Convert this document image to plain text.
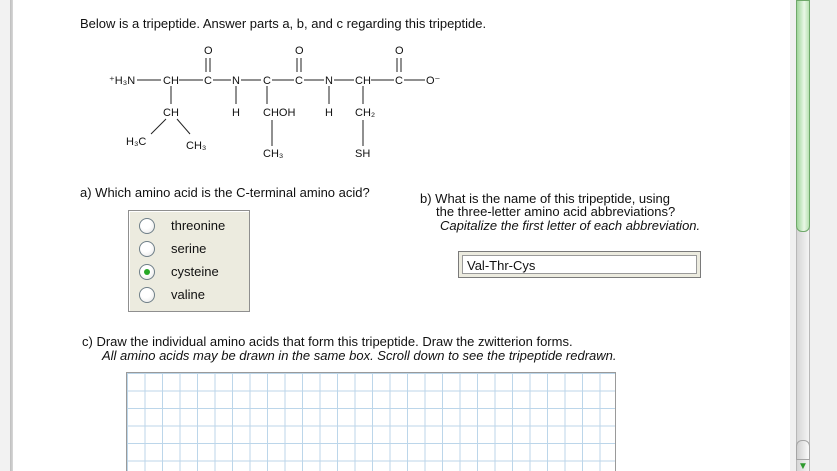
Below is a tripeptide. Answer parts a, b, and c regarding this tripeptide.
⁺H₃N	CH C N C C N CH C O⁻
O	O	O
CH
H₃C	CH₃
H	H
CHOH
CH₃
CH₂
SH
a) Which amino acid is the C-terminal amino acid?
threonine
serine
cysteine
valine
b) What is the name of this tripeptide, using
the three-letter amino acid abbreviations?
Capitalize the first letter of each abbreviation.
Val-Thr-Cys
c) Draw the individual amino acids that form this tripeptide. Draw the zwitterion forms.
All amino acids may be drawn in the same box. Scroll down to see the tripeptide redrawn.
▼
